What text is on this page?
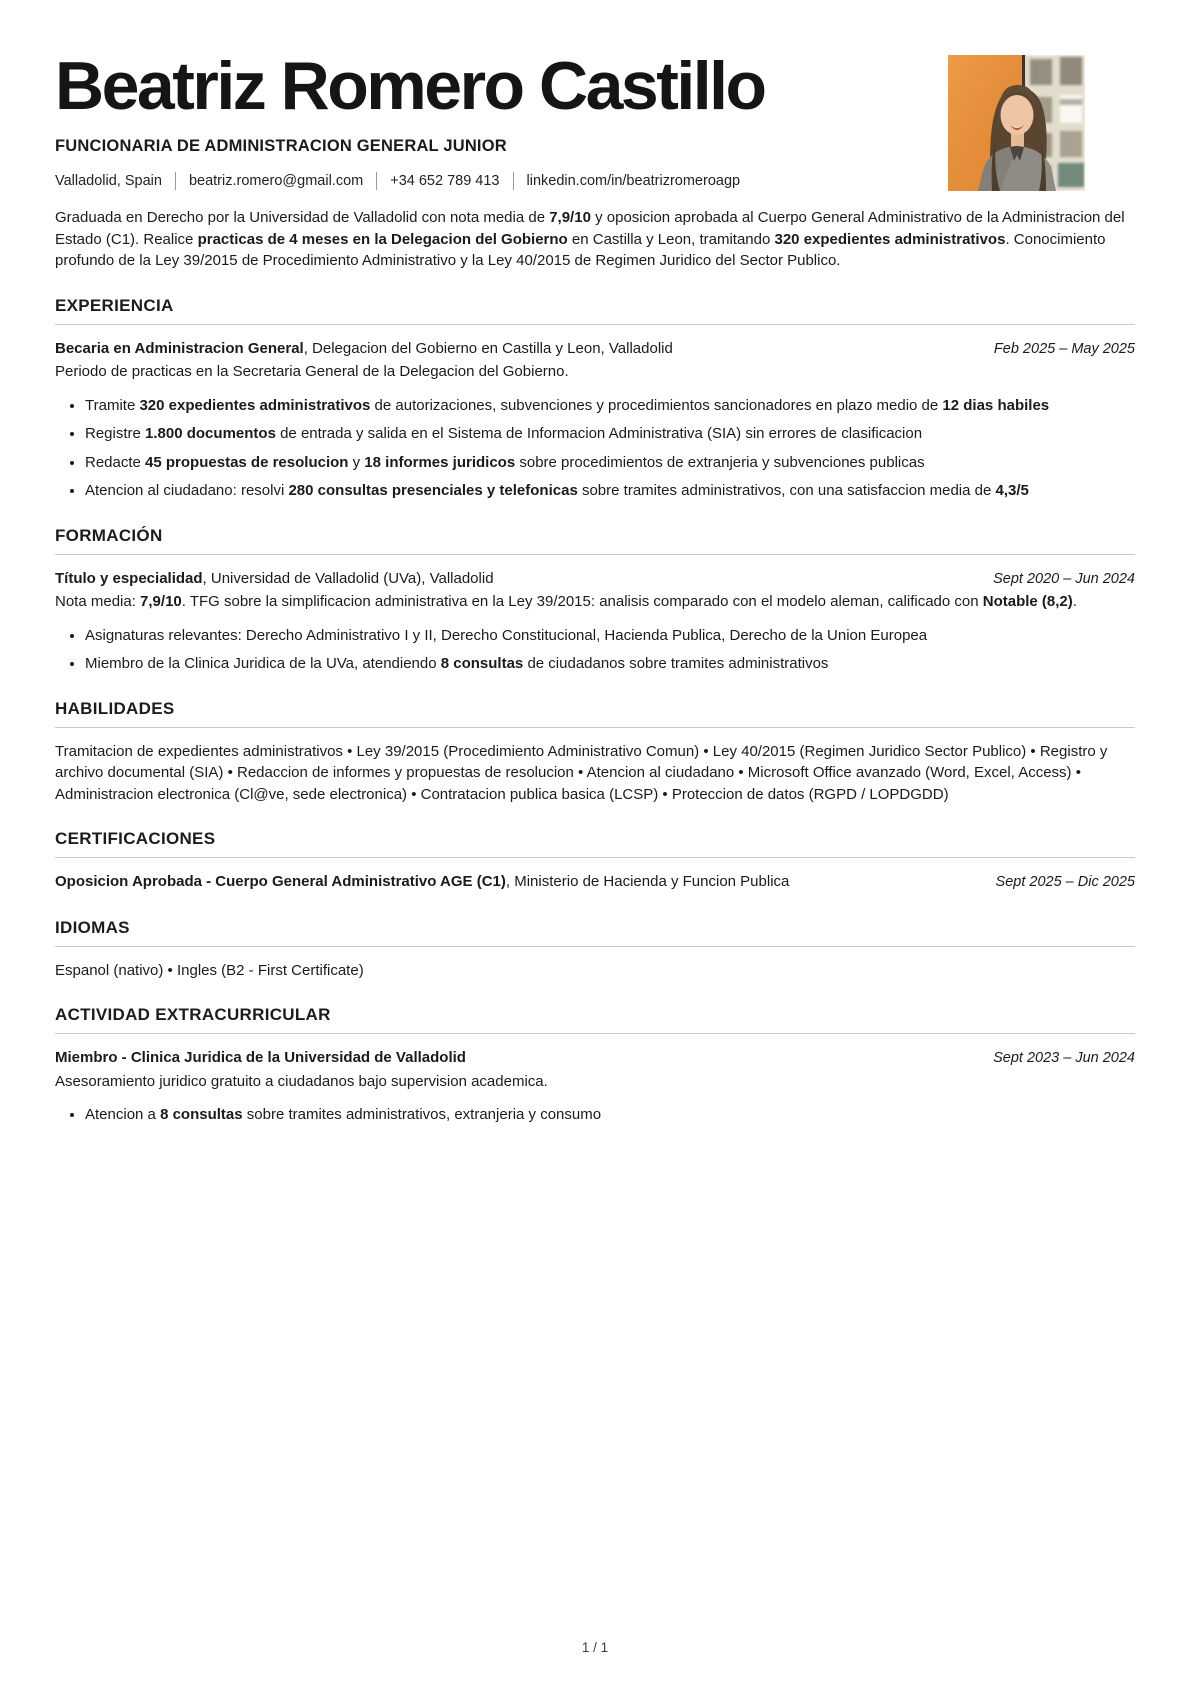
Beatriz Romero Castillo
FUNCIONARIA DE ADMINISTRACION GENERAL JUNIOR
Valladolid, Spain beatriz.romero@gmail.com +34 652 789 413 linkedin.com/in/beatrizromeroagp

Graduada en Derecho por la Universidad de Valladolid con nota media de 7,9/10 y oposicion aprobada al Cuerpo General Administrativo de la Administracion del Estado (C1). Realice practicas de 4 meses en la Delegacion del Gobierno en Castilla y Leon, tramitando 320 expedientes administrativos. Conocimiento profundo de la Ley 39/2015 de Procedimiento Administrativo y la Ley 40/2015 de Regimen Juridico del Sector Publico.

EXPERIENCIA
Becaria en Administracion General, Delegacion del Gobierno en Castilla y Leon, Valladolid	Feb 2025 – May 2025
Periodo de practicas en la Secretaria General de la Delegacion del Gobierno.
• Tramite 320 expedientes administrativos de autorizaciones, subvenciones y procedimientos sancionadores en plazo medio de 12 dias habiles
• Registre 1.800 documentos de entrada y salida en el Sistema de Informacion Administrativa (SIA) sin errores de clasificacion
• Redacte 45 propuestas de resolucion y 18 informes juridicos sobre procedimientos de extranjeria y subvenciones publicas
• Atencion al ciudadano: resolvi 280 consultas presenciales y telefonicas sobre tramites administrativos, con una satisfaccion media de 4,3/5
FORMACIÓN
Título y especialidad, Universidad de Valladolid (UVa), Valladolid	Sept 2020 – Jun 2024
Nota media: 7,9/10. TFG sobre la simplificacion administrativa en la Ley 39/2015: analisis comparado con el modelo aleman, calificado con Notable (8,2).
• Asignaturas relevantes: Derecho Administrativo I y II, Derecho Constitucional, Hacienda Publica, Derecho de la Union Europea
• Miembro de la Clinica Juridica de la UVa, atendiendo 8 consultas de ciudadanos sobre tramites administrativos
HABILIDADES
Tramitacion de expedientes administrativos • Ley 39/2015 (Procedimiento Administrativo Comun) • Ley 40/2015 (Regimen Juridico Sector Publico) • Registro y archivo documental (SIA) • Redaccion de informes y propuestas de resolucion • Atencion al ciudadano • Microsoft Office avanzado (Word, Excel, Access) • Administracion electronica (Cl@ve, sede electronica) • Contratacion publica basica (LCSP) • Proteccion de datos (RGPD / LOPDGDD)
CERTIFICACIONES
Oposicion Aprobada - Cuerpo General Administrativo AGE (C1), Ministerio de Hacienda y Funcion Publica	Sept 2025 – Dic 2025
IDIOMAS
Espanol (nativo) • Ingles (B2 - First Certificate)
ACTIVIDAD EXTRACURRICULAR
Miembro - Clinica Juridica de la Universidad de Valladolid	Sept 2023 – Jun 2024
Asesoramiento juridico gratuito a ciudadanos bajo supervision academica.
• Atencion a 8 consultas sobre tramites administrativos, extranjeria y consumo
1 / 1
